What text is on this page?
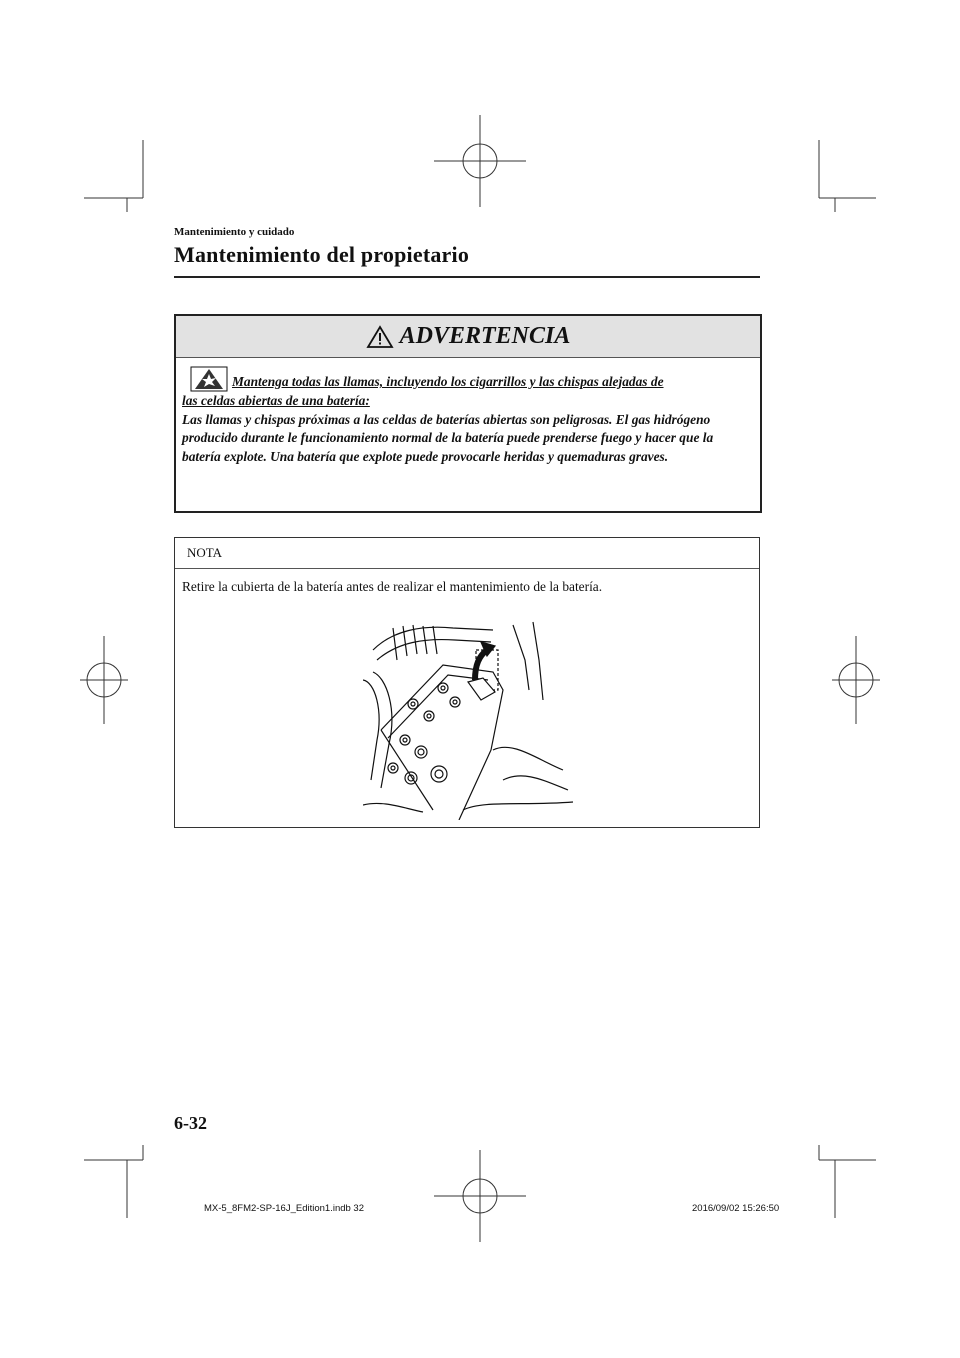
Mantenimiento y cuidado
Mantenimiento del propietario
ADVERTENCIA
Mantenga todas las llamas, incluyendo los cigarrillos y las chispas alejadas de
las celdas abiertas de una batería:
Las llamas y chispas próximas a las celdas de baterías abiertas son peligrosas. El gas hidrógeno producido durante le funcionamiento normal de la batería puede prenderse fuego y hacer que la batería explote. Una batería que explote puede provocarle heridas y quemaduras graves.
NOTA
Retire la cubierta de la batería antes de realizar el mantenimiento de la batería.
6-32
MX-5_8FM2-SP-16J_Edition1.indb 32	2016/09/02 15:26:50
